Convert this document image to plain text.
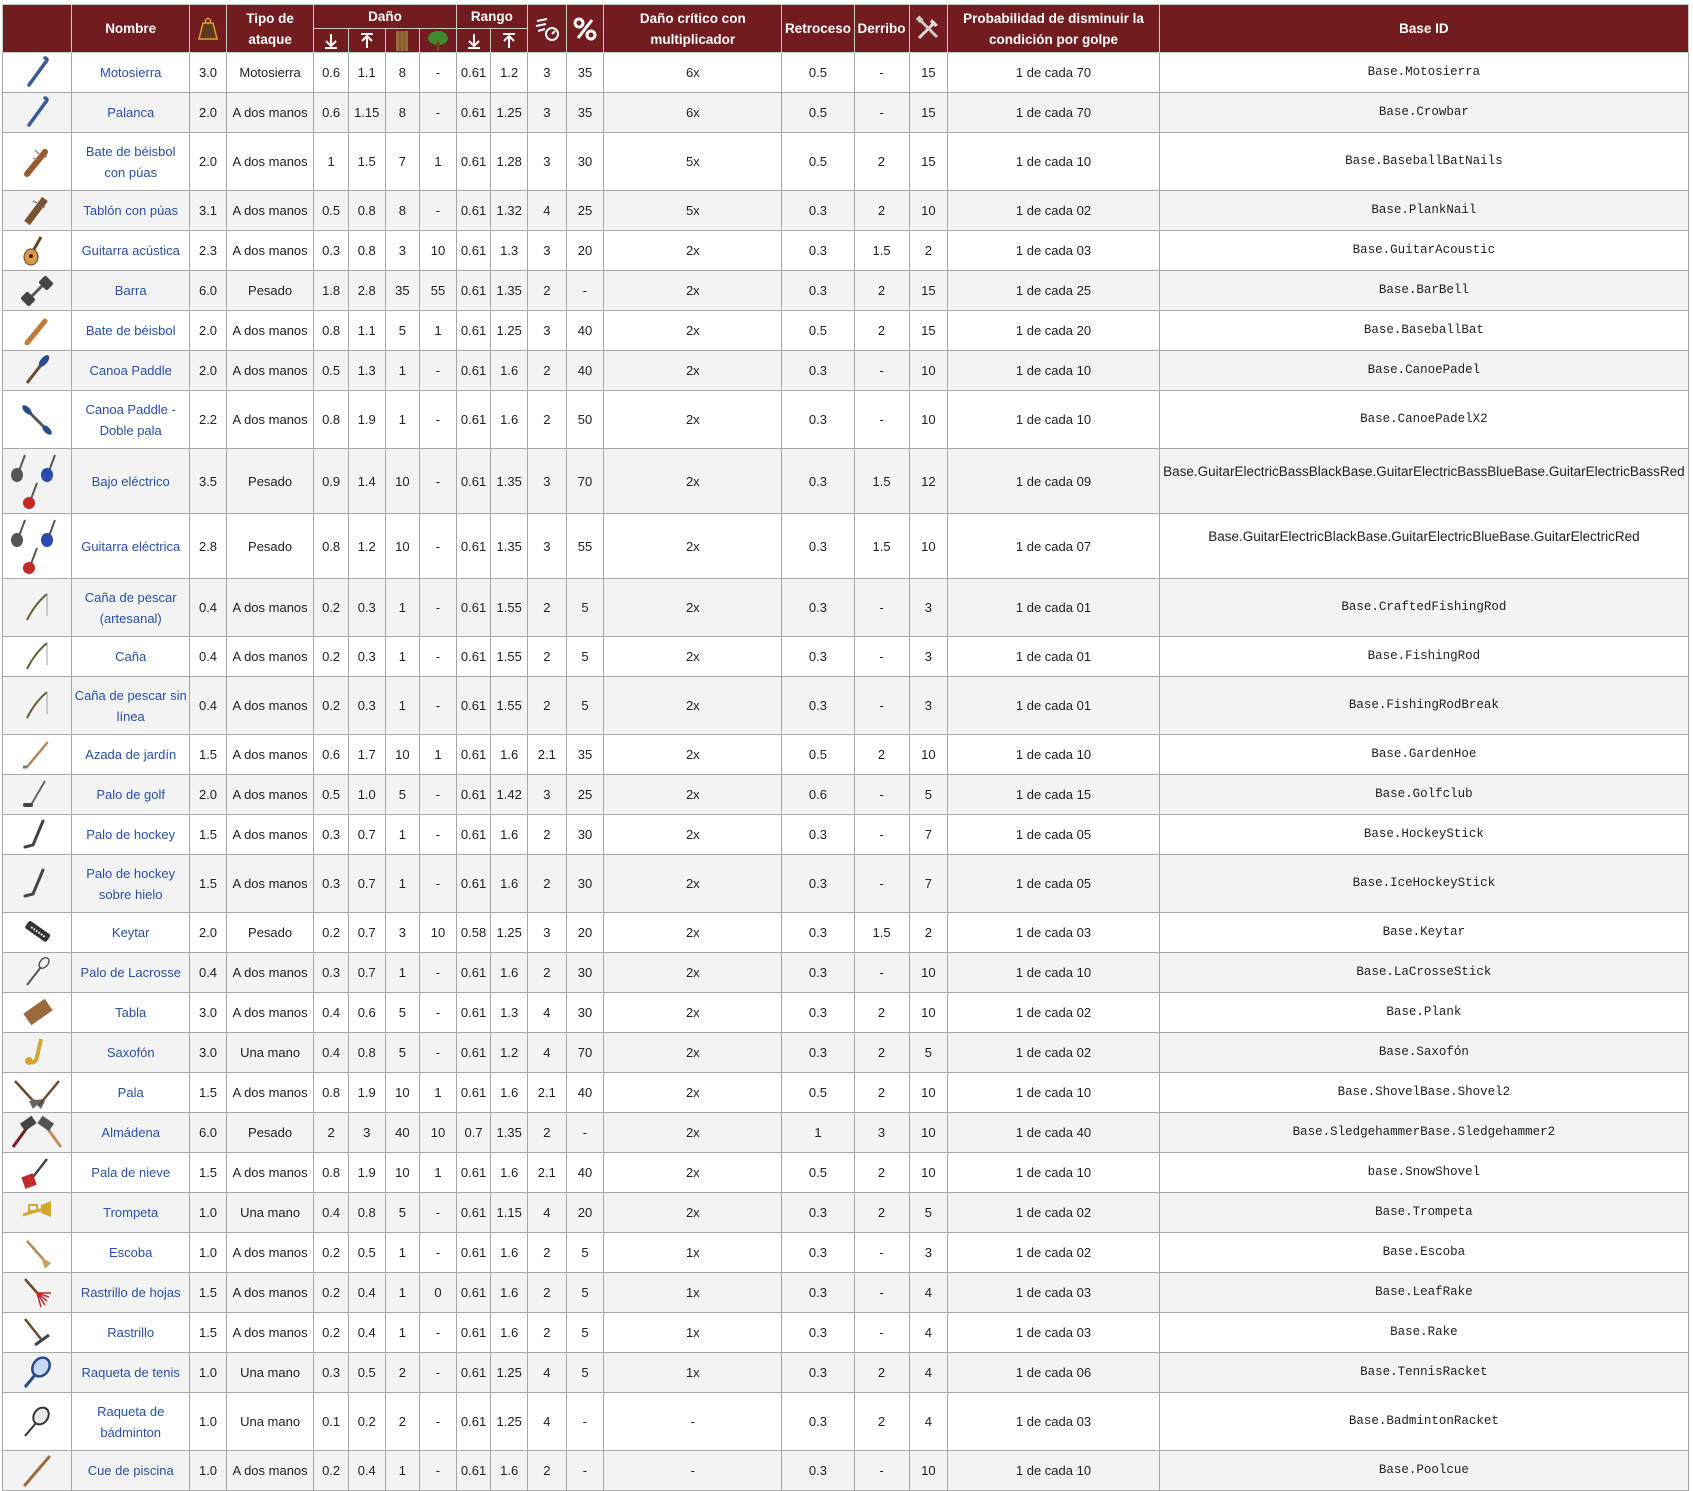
	Nombre		Tipo de ataque	Daño				Rango				Daño crítico con multiplicador	Retroceso	Derribo		Probabilidad de disminuir la condición por golpe	Base ID

	Motosierra	3.0	Motosierra	0.6	1.1	8	-	0.61	1.2	3	35	6x	0.5	-	15	1 de cada 70	Base.Motosierra

	Palanca	2.0	A dos manos	0.6	1.15	8	-	0.61	1.25	3	35	6x	0.5	-	15	1 de cada 70	Base.Crowbar

	Bate de béisbol con púas	2.0	A dos manos	1	1.5	7	1	0.61	1.28	3	30	5x	0.5	2	15	1 de cada 10	Base.BaseballBatNails

	Tablón con púas	3.1	A dos manos	0.5	0.8	8	-	0.61	1.32	4	25	5x	0.3	2	10	1 de cada 02	Base.PlankNail

	Guitarra acústica	2.3	A dos manos	0.3	0.8	3	10	0.61	1.3	3	20	2x	0.3	1.5	2	1 de cada 03	Base.GuitarAcoustic

	Barra	6.0	Pesado	1.8	2.8	35	55	0.61	1.35	2	-	2x	0.3	2	15	1 de cada 25	Base.BarBell

	Bate de béisbol	2.0	A dos manos	0.8	1.1	5	1	0.61	1.25	3	40	2x	0.5	2	15	1 de cada 20	Base.BaseballBat

	Canoa Paddle	2.0	A dos manos	0.5	1.3	1	-	0.61	1.6	2	40	2x	0.3	-	10	1 de cada 10	Base.CanoePadel

	Canoa Paddle - Doble pala	2.2	A dos manos	0.8	1.9	1	-	0.61	1.6	2	50	2x	0.3	-	10	1 de cada 10	Base.CanoePadelX2

	Bajo eléctrico	3.5	Pesado	0.9	1.4	10	-	0.61	1.35	3	70	2x	0.3	1.5	12	1 de cada 09	Base.GuitarElectricBassBlackBase.GuitarElectricBassBlueBase.GuitarElectricBassRed

	Guitarra eléctrica	2.8	Pesado	0.8	1.2	10	-	0.61	1.35	3	55	2x	0.3	1.5	10	1 de cada 07	Base.GuitarElectricBlackBase.GuitarElectricBlueBase.GuitarElectricRed

	Caña de pescar (artesanal)	0.4	A dos manos	0.2	0.3	1	-	0.61	1.55	2	5	2x	0.3	-	3	1 de cada 01	Base.CraftedFishingRod

	Caña	0.4	A dos manos	0.2	0.3	1	-	0.61	1.55	2	5	2x	0.3	-	3	1 de cada 01	Base.FishingRod

	Caña de pescar sin línea	0.4	A dos manos	0.2	0.3	1	-	0.61	1.55	2	5	2x	0.3	-	3	1 de cada 01	Base.FishingRodBreak

	Azada de jardín	1.5	A dos manos	0.6	1.7	10	1	0.61	1.6	2.1	35	2x	0.5	2	10	1 de cada 10	Base.GardenHoe

	Palo de golf	2.0	A dos manos	0.5	1.0	5	-	0.61	1.42	3	25	2x	0.6	-	5	1 de cada 15	Base.Golfclub

	Palo de hockey	1.5	A dos manos	0.3	0.7	1	-	0.61	1.6	2	30	2x	0.3	-	7	1 de cada 05	Base.HockeyStick

	Palo de hockey sobre hielo	1.5	A dos manos	0.3	0.7	1	-	0.61	1.6	2	30	2x	0.3	-	7	1 de cada 05	Base.IceHockeyStick

	Keytar	2.0	Pesado	0.2	0.7	3	10	0.58	1.25	3	20	2x	0.3	1.5	2	1 de cada 03	Base.Keytar

	Palo de Lacrosse	0.4	A dos manos	0.3	0.7	1	-	0.61	1.6	2	30	2x	0.3	-	10	1 de cada 10	Base.LaCrosseStick

	Tabla	3.0	A dos manos	0.4	0.6	5	-	0.61	1.3	4	30	2x	0.3	2	10	1 de cada 02	Base.Plank

	Saxofón	3.0	Una mano	0.4	0.8	5	-	0.61	1.2	4	70	2x	0.3	2	5	1 de cada 02	Base.Saxofón

	Pala	1.5	A dos manos	0.8	1.9	10	1	0.61	1.6	2.1	40	2x	0.5	2	10	1 de cada 10	Base.ShovelBase.Shovel2

	Almádena	6.0	Pesado	2	3	40	10	0.7	1.35	2	-	2x	1	3	10	1 de cada 40	Base.SledgehammerBase.Sledgehammer2

	Pala de nieve	1.5	A dos manos	0.8	1.9	10	1	0.61	1.6	2.1	40	2x	0.5	2	10	1 de cada 10	base.SnowShovel

	Trompeta	1.0	Una mano	0.4	0.8	5	-	0.61	1.15	4	20	2x	0.3	2	5	1 de cada 02	Base.Trompeta

	Escoba	1.0	A dos manos	0.2	0.5	1	-	0.61	1.6	2	5	1x	0.3	-	3	1 de cada 02	Base.Escoba

	Rastrillo de hojas	1.5	A dos manos	0.2	0.4	1	0	0.61	1.6	2	5	1x	0.3	-	4	1 de cada 03	Base.LeafRake

	Rastrillo	1.5	A dos manos	0.2	0.4	1	-	0.61	1.6	2	5	1x	0.3	-	4	1 de cada 03	Base.Rake

	Raqueta de tenis	1.0	Una mano	0.3	0.5	2	-	0.61	1.25	4	5	1x	0.3	2	4	1 de cada 06	Base.TennisRacket

	Raqueta de bádminton	1.0	Una mano	0.1	0.2	2	-	0.61	1.25	4	-	-	0.3	2	4	1 de cada 03	Base.BadmintonRacket

	Cue de piscina	1.0	A dos manos	0.2	0.4	1	-	0.61	1.6	2	-	-	0.3	-	10	1 de cada 10	Base.Poolcue
